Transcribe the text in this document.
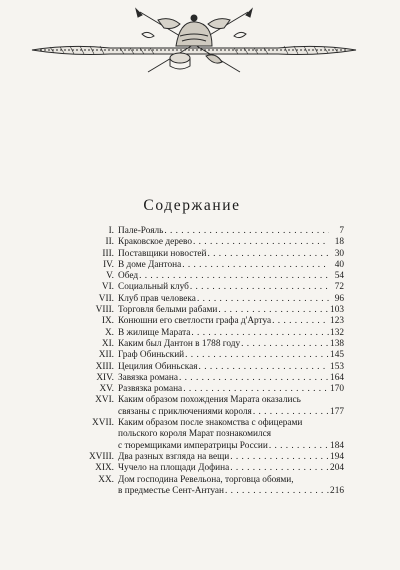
Содержание
I. Пале-Рояль . . .	7
II. Краковское дерево . . .	18
III. Поставщики новостей . . .	30
IV. В доме Дантона . . .	40
V. Обед . . .	54
VI. Социальный клуб . . .	72
VII. Клуб прав человека . . .	96
VIII. Торговля белыми рабами . . .	103
IX. Конюшни его светлости графа д'Артуа . . .	123
X. В жилище Марата . . .	132
XI. Каким был Дантон в 1788 году . . .	138
XII. Граф Обиньский . . .	145
XIII. Цецилия Обиньская . . .	153
XIV. Завязка романа . . .	164
XV. Развязка романа . . .	170
XVI. Каким образом похождения Марата оказались
связаны с приключениями короля . . .	177
XVII. Каким образом после знакомства с офицерами
польского короля Марат познакомился
с тюремщиками императрицы России . . .	184
XVIII. Два разных взгляда на вещи . . .	194
XIX. Чучело на площади Дофина . . .	204
XX. Дом господина Ревельона, торговца обоями,
в предместье Сент-Антуан . . .	216
